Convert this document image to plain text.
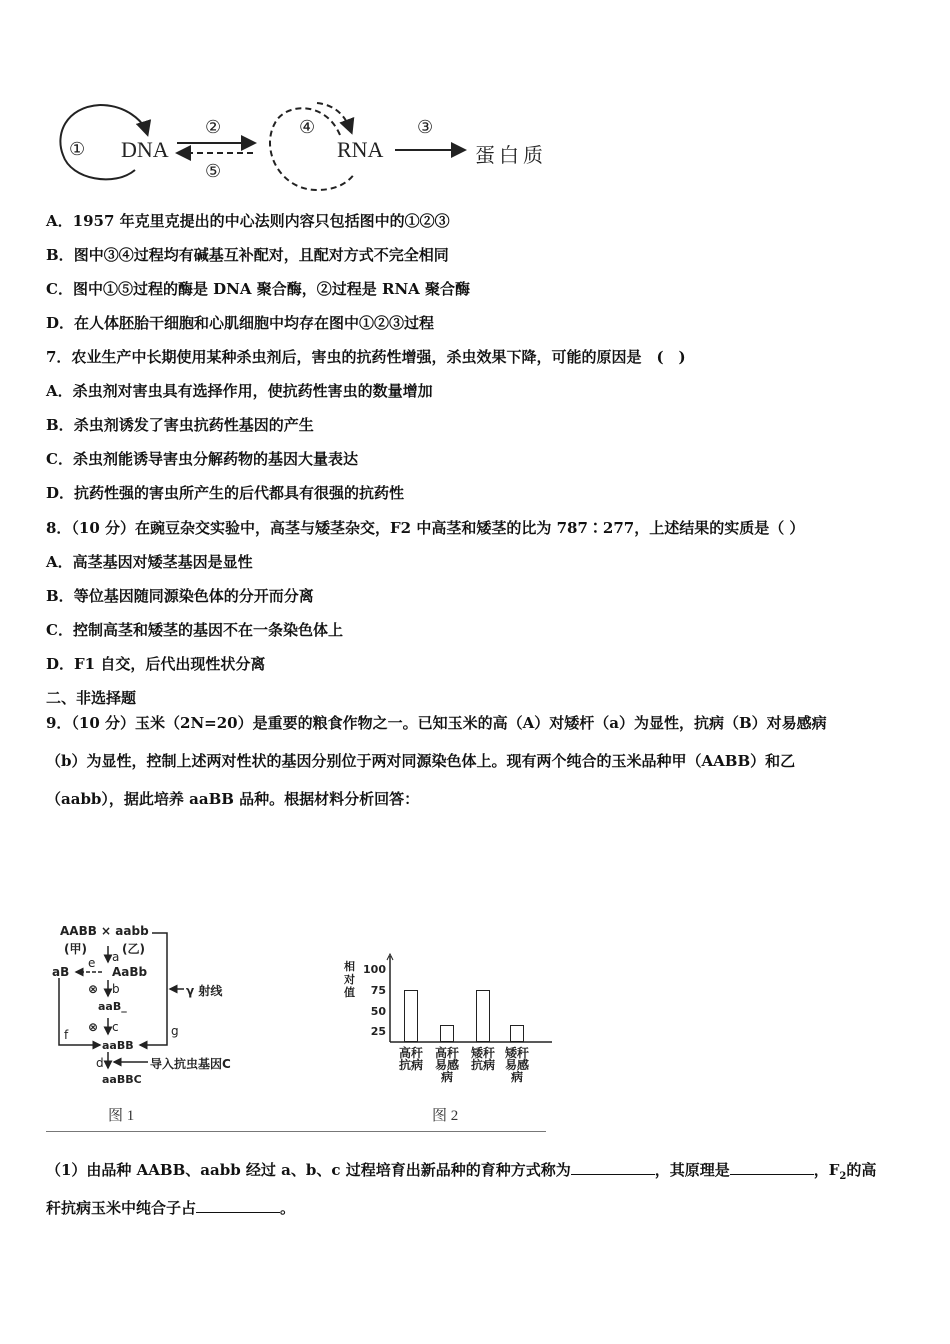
① DNA
②
⑤
④
RNA
③
蛋白质
A．1957 年克里克提出的中心法则内容只包括图中的①②③
B．图中③④过程均有碱基互补配对，且配对方式不完全相同
C．图中①⑤过程的酶是 DNA 聚合酶，②过程是 RNA 聚合酶
D．在人体胚胎干细胞和心肌细胞中均存在图中①②③过程
7．农业生产中长期使用某种杀虫剂后，害虫的抗药性增强，杀虫效果下降，可能的原因是　(　)
A．杀虫剂对害虫具有选择作用，使抗药性害虫的数量增加
B．杀虫剂诱发了害虫抗药性基因的产生
C．杀虫剂能诱导害虫分解药物的基因大量表达
D．抗药性强的害虫所产生的后代都具有很强的抗药性
8．（10 分）在豌豆杂交实验中，高茎与矮茎杂交，F2 中高茎和矮茎的比为 787∶277，上述结果的实质是（ ）
A．高茎基因对矮茎基因是显性
B．等位基因随同源染色体的分开而分离
C．控制高茎和矮茎的基因不在一条染色体上
D．F1 自交，后代出现性状分离
二、非选择题
9．（10 分）玉米（2N=20）是重要的粮食作物之一。已知玉米的高（A）对矮杆（a）为显性，抗病（B）对易感病
（b）为显性，控制上述两对性状的基因分别位于两对同源染色体上。现有两个纯合的玉米品种甲（AABB）和乙
（aabb），据此培养 aaBB 品种。根据材料分析回答：
AABB × aabb
(甲)	(乙)
a
e
aB	AaBb
⊗ b
aaB_
⊗ c
f	g
γ 射线
aaBB
d	导入抗虫基因C
aaBBC
图 1
相对值
100
75
50
25
高秆抗病
高秆易感病
矮秆抗病
矮秆易感病
图 2
（1）由品种 AABB、aabb 经过 a、b、c 过程培育出新品种的育种方式称为	，其原理是	，$F_2$的高
秆抗病玉米中纯合子占	。
